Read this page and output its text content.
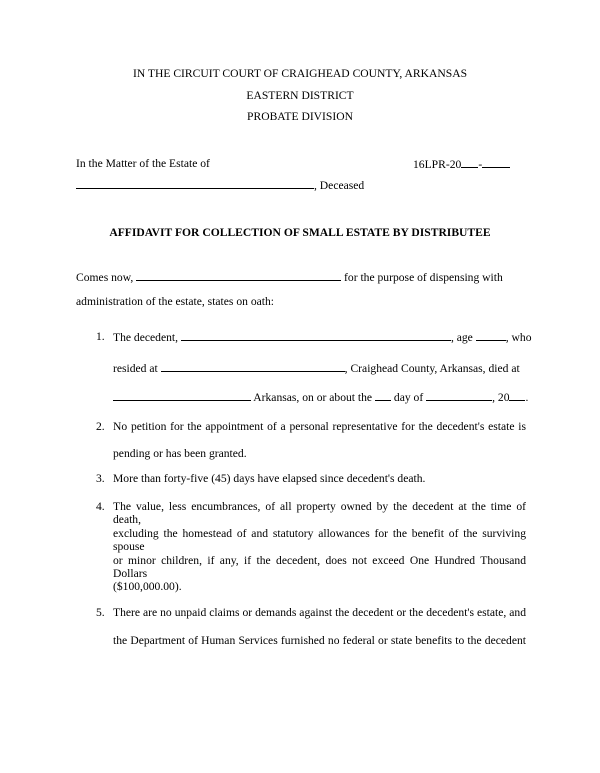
IN THE CIRCUIT COURT OF CRAIGHEAD COUNTY, ARKANSAS
EASTERN DISTRICT
PROBATE DIVISION
In the Matter of the Estate of	16LPR-20 -
, Deceased
AFFIDAVIT FOR COLLECTION OF SMALL ESTATE BY DISTRIBUTEE
Comes now,	for the purpose of dispensing with
administration of the estate, states on oath:
1. The decedent,	, age	, who
resided at	, Craighead County, Arkansas, died at
Arkansas, on or about the day of	, 20 .
2. No petition for the appointment of a personal representative for the decedent's estate is
pending or has been granted.
3. More than forty-five (45) days have elapsed since decedent's death.
4. The value, less encumbrances, of all property owned by the decedent at the time of death,
excluding the homestead of and statutory allowances for the benefit of the surviving spouse
or minor children, if any, if the decedent, does not exceed One Hundred Thousand Dollars
($100,000.00).
5. There are no unpaid claims or demands against the decedent or the decedent's estate, and
the Department of Human Services furnished no federal or state benefits to the decedent
